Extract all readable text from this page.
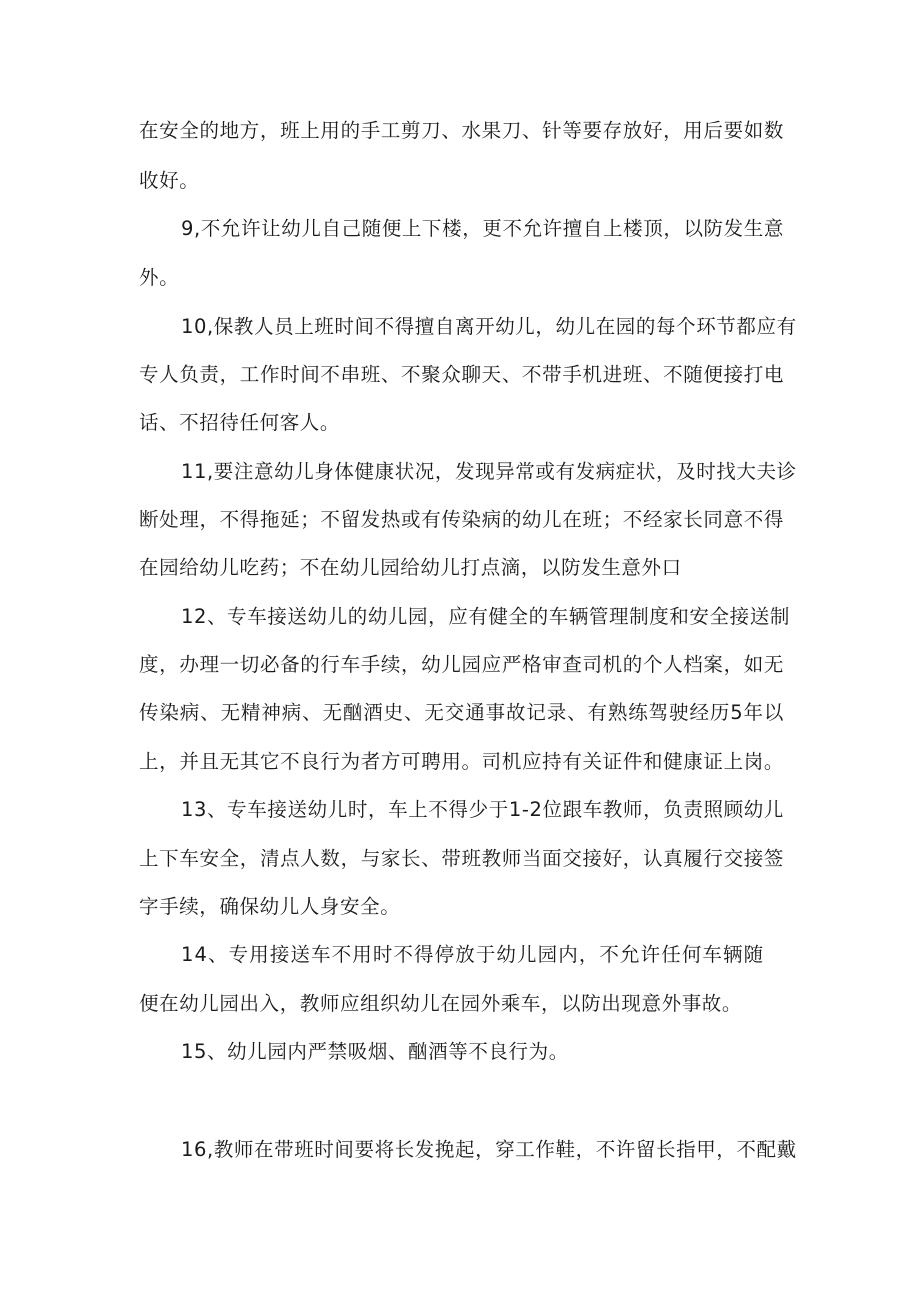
在安全的地方，班上用的手工剪刀、水果刀、针等要存放好，用后要如数
收好。
9,不允许让幼儿自己随便上下楼，更不允许擅自上楼顶，以防发生意
外。
10,保教人员上班时间不得擅自离开幼儿，幼儿在园的每个环节都应有
专人负责，工作时间不串班、不聚众聊天、不带手机进班、不随便接打电
话、不招待任何客人。
11,要注意幼儿身体健康状况，发现异常或有发病症状，及时找大夫诊
断处理，不得拖延；不留发热或有传染病的幼儿在班；不经家长同意不得
在园给幼儿吃药；不在幼儿园给幼儿打点滴，以防发生意外口
12、专车接送幼儿的幼儿园，应有健全的车辆管理制度和安全接送制
度，办理一切必备的行车手续，幼儿园应严格审查司机的个人档案，如无
传染病、无精神病、无酗酒史、无交通事故记录、有熟练驾驶经历5年以
上，并且无其它不良行为者方可聘用。司机应持有关证件和健康证上岗。
13、专车接送幼儿时，车上不得少于1-2位跟车教师，负责照顾幼儿
上下车安全，清点人数，与家长、带班教师当面交接好，认真履行交接签
字手续，确保幼儿人身安全。
14、专用接送车不用时不得停放于幼儿园内，不允许任何车辆随
便在幼儿园出入，教师应组织幼儿在园外乘车，以防出现意外事故。
15、幼儿园内严禁吸烟、酗酒等不良行为。
16,教师在带班时间要将长发挽起，穿工作鞋，不许留长指甲，不配戴
